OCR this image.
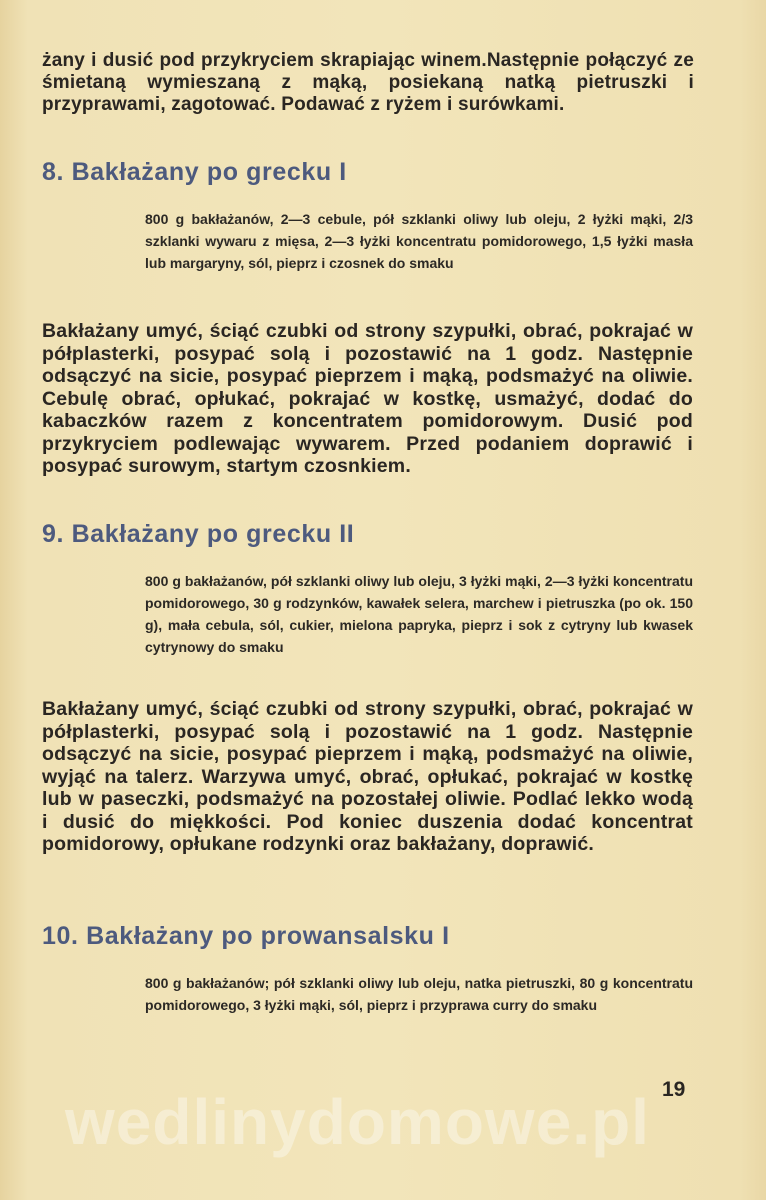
żany i dusić pod przykryciem skrapiając winem.Następnie połączyć ze śmietaną wymieszaną z mąką, posiekaną natką pietruszki i przyprawami, zagotować. Podawać z ryżem i surówkami.

8. Bakłażany po grecku I

800 g bakłażanów, 2—3 cebule, pół szklanki oliwy lub oleju, 2 łyżki mąki, 2/3 szklanki wywaru z mięsa, 2—3 łyżki koncentratu pomidorowego, 1,5 łyżki masła lub margaryny, sól, pieprz i czosnek do smaku

Bakłażany umyć, ściąć czubki od strony szypułki, obrać, pokrajać w półplasterki, posypać solą i pozostawić na 1 godz. Następnie odsączyć na sicie, posypać pieprzem i mąką, podsmażyć na oliwie. Cebulę obrać, opłukać, pokrajać w kostkę, usmażyć, dodać do kabaczków razem z koncentratem pomidorowym. Dusić pod przykryciem podlewając wywarem. Przed podaniem doprawić i posypać surowym, startym czosnkiem.

9. Bakłażany po grecku II

800 g bakłażanów, pół szklanki oliwy lub oleju, 3 łyżki mąki, 2—3 łyżki koncentratu pomidorowego, 30 g rodzynków, kawałek selera, marchew i pietruszka (po ok. 150 g), mała cebula, sól, cukier, mielona papryka, pieprz i sok z cytryny lub kwasek cytrynowy do smaku

Bakłażany umyć, ściąć czubki od strony szypułki, obrać, pokrajać w półplasterki, posypać solą i pozostawić na 1 godz. Następnie odsączyć na sicie, posypać pieprzem i mąką, podsmażyć na oliwie, wyjąć na talerz. Warzywa umyć, obrać, opłukać, pokrajać w kostkę lub w paseczki, podsmażyć na pozostałej oliwie. Podlać lekko wodą i dusić do miękkości. Pod koniec duszenia dodać koncentrat pomidorowy, opłukane rodzynki oraz bakłażany, doprawić.

10. Bakłażany po prowansalsku I

800 g bakłażanów; pół szklanki oliwy lub oleju, natka pietruszki, 80 g koncentratu pomidorowego, 3 łyżki mąki, sól, pieprz i przyprawa curry do smaku

19
wedlinydomowe.pl
